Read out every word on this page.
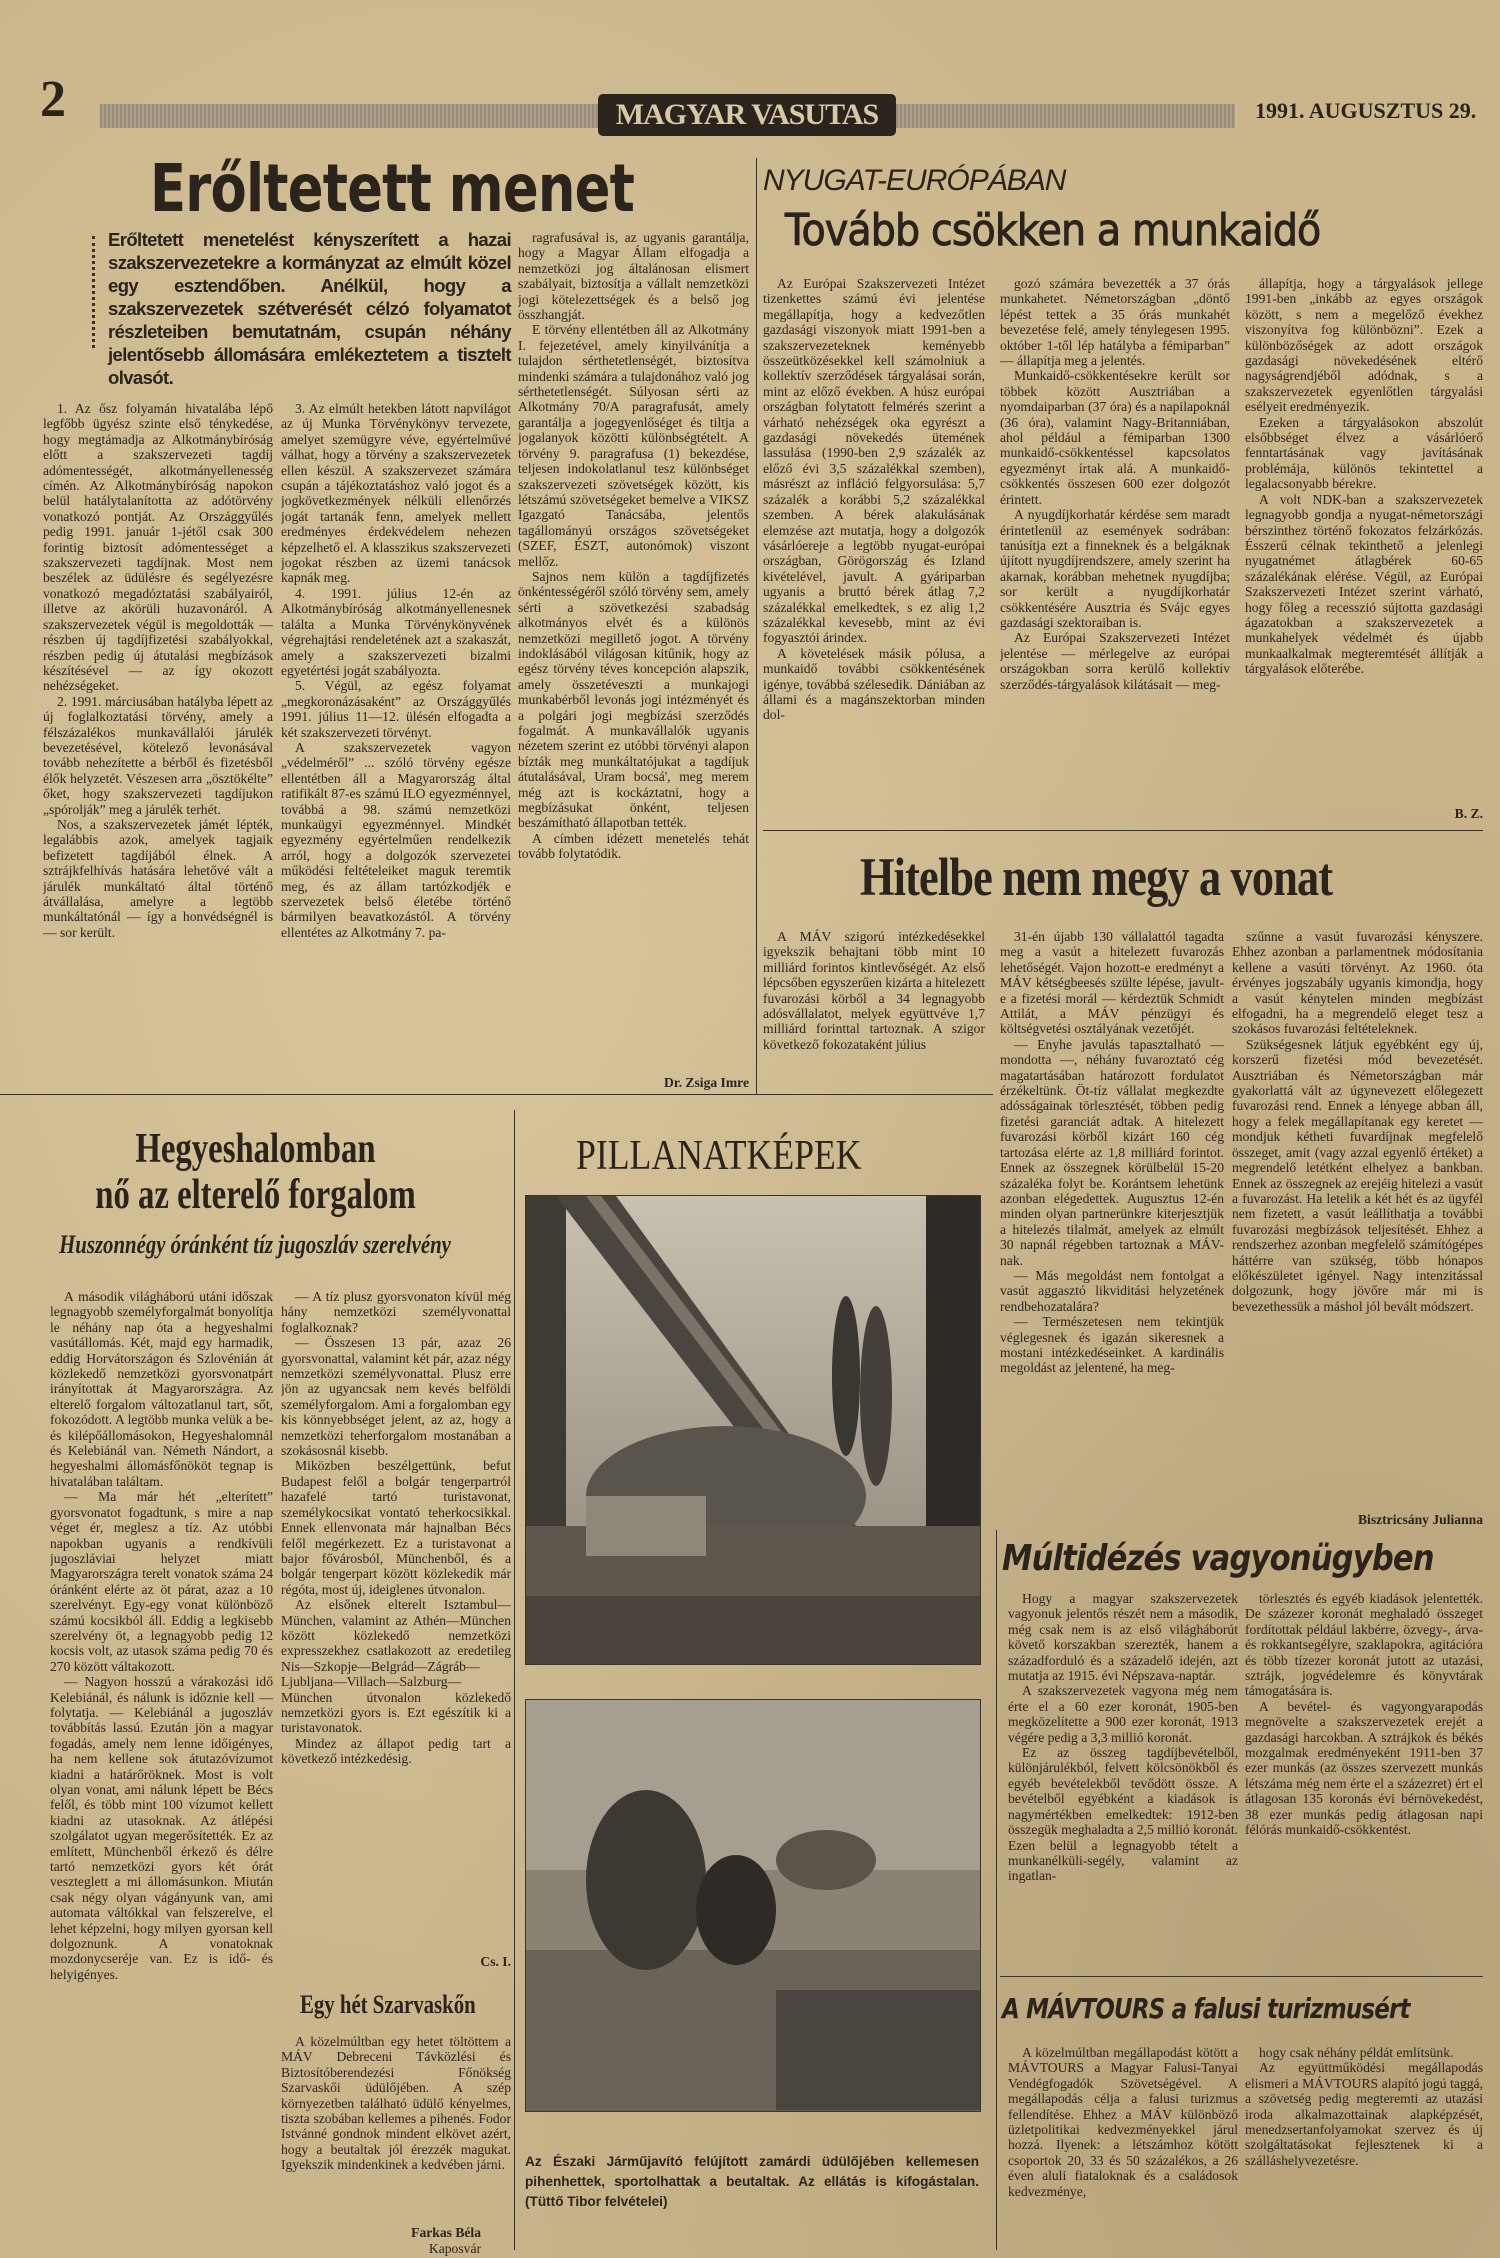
2	MAGYAR VASUTAS	1991. AUGUSZTUS 29.
Erőltetett menet
Erőltetett menetelést kényszerített a hazai szakszervezetekre a kormányzat az elmúlt közel egy esztendőben. Anélkül, hogy a szakszervezetek szétverését célzó folyamatot részleteiben bemutatnám, csupán néhány jelentősebb állomására emlékeztetem a tisztelt olvasót.

1. Az ősz folyamán hivatalába lépő legfőbb ügyész szinte első ténykedése, hogy megtámadja az Alkotmánybíróság előtt a szakszervezeti tagdíj adómentességét, alkotmányellenesség címén. Az Alkotmánybíróság napokon belül hatálytalanította az adótörvény vonatkozó pontját. Az Országgyűlés pedig 1991. január 1-jétől csak 300 forintig biztosít adómentességet a szakszervezeti tagdíjnak. Most nem beszélek az üdülésre és segélyezésre vonatkozó megadóztatási szabályairól, illetve az akörüli huzavonáról. A szakszervezetek végül is megoldották — részben új tagdíjfizetési szabályokkal, részben pedig új átutalási megbízások készítésével — az így okozott nehézségeket.

2. 1991. márciusában hatályba lépett az új foglalkoztatási törvény, amely a félszázalékos munkavállalói járulék bevezetésével, kötelező levonásával tovább nehezítette a bérből és fizetésből élők helyzetét. Vészesen arra „ösztökélte” őket, hogy szakszervezeti tagdíjukon „spórolják” meg a járulék terhét.

Nos, a szakszervezetek jámét lépték, legalábbis azok, amelyek tagjaik befizetett tagdíjából élnek. A sztrájkfelhívás hatására lehetővé vált a járulék munkáltató által történő átvállalása, amelyre a legtöbb munkáltatónál — így a honvédségnél is — sor került.

3. Az elmúlt hetekben látott napvilágot az új Munka Törvénykönyv tervezete, amelyet szemügyre véve, egyértelművé válhat, hogy a törvény a szakszervezetek ellen készül. A szakszervezet számára csupán a tájékoztatáshoz való jogot és a jogkövetkezmények nélküli ellenőrzés jogát tartanák fenn, amelyek mellett eredményes érdekvédelem nehezen képzelhető el. A klasszikus szakszervezeti jogokat részben az üzemi tanácsok kapnák meg.

4. 1991. július 12-én az Alkotmánybíróság alkotmányellenesnek találta a Munka Törvénykönyvének végrehajtási rendeletének azt a szakaszát, amely a szakszervezeti bizalmi egyetértési jogát szabályozta.

5. Végül, az egész folyamat „megkoronázásaként” az Országgyűlés 1991. július 11—12. ülésén elfogadta a két szakszervezeti törvényt.

A szakszervezetek vagyon „védelméről” ... szóló törvény egésze ellentétben áll a Magyarország által ratifikált 87-es számú ILO egyezménnyel, továbbá a 98. számú nemzetközi munkaügyi egyezménnyel. Mindkét egyezmény egyértelműen rendelkezik arról, hogy a dolgozók szervezetei működési feltételeiket maguk teremtik meg, és az állam tartózkodjék e szervezetek belső életébe történő bármilyen beavatkozástól. A törvény ellentétes az Alkotmány 7. pa-

ragrafusával is, az ugyanis garantálja, hogy a Magyar Állam elfogadja a nemzetközi jog általánosan elismert szabályait, biztosítja a vállalt nemzetközi jogi kötelezettségek és a belső jog összhangját.

E törvény ellentétben áll az Alkotmány I. fejezetével, amely kinyilvánítja a tulajdon sérthetetlenségét, biztosítva mindenki számára a tulajdonához való jog sérthetetlenségét. Súlyosan sérti az Alkotmány 70/A paragrafusát, amely garantálja a jogegyenlőséget és tiltja a jogalanyok közötti különbségtételt. A törvény 9. paragrafusa (1) bekezdése, teljesen indokolatlanul tesz különbséget szakszervezeti szövetségek között, kis létszámú szövetségeket bemelve a VIKSZ Igazgató Tanácsába, jelentős tagállományú országos szövetségeket (SZEF, ÉSZT, autonómok) viszont mellőz.

Sajnos nem külön a tagdíjfizetés önkéntességéről szóló törvény sem, amely sérti a szövetkezési szabadság alkotmányos elvét és a különös nemzetközi megillető jogot. A törvény indoklásából világosan kitűnik, hogy az egész törvény téves koncepción alapszik, amely összetéveszti a munkajogi munkabérből levonás jogi intézményét és a polgári jogi megbízási szerződés fogalmát. A munkavállalók ugyanis nézetem szerint ez utóbbi törvényi alapon bízták meg munkáltatójukat a tagdíjuk átutalásával, Uram bocsá', meg merem még azt is kockáztatni, hogy a megbízásukat önként, teljesen beszámítható állapotban tették.

A címben idézett menetelés tehát tovább folytatódik.

Dr. Zsiga Imre
NYUGAT-EURÓPÁBAN
Tovább csökken a munkaidő

Az Európai Szakszervezeti Intézet tizenkettes számú évi jelentése megállapítja, hogy a kedvezőtlen gazdasági viszonyok miatt 1991-ben a szakszervezeteknek keményebb összeütközésekkel kell számolniuk a kollektív szerződések tárgyalásai során, mint az előző években. A húsz európai országban folytatott felmérés szerint a várható nehézségek oka egyrészt a gazdasági növekedés ütemének lassulása (1990-ben 2,9 százalék az előző évi 3,5 százalékkal szemben), másrészt az infláció felgyorsulása: 5,7 százalék a korábbi 5,2 százalékkal szemben. A bérek alakulásának elemzése azt mutatja, hogy a dolgozók vásárlóereje a legtöbb nyugat-európai országban, Görögország és Izland kivételével, javult. A gyáriparban ugyanis a bruttó bérek átlag 7,2 százalékkal emelkedtek, s ez alig 1,2 százalékkal kevesebb, mint az évi fogyasztói árindex.

A követelések másik pólusa, a munkaidő további csökkentésének igénye, továbbá szélesedik. Dániában az állami és a magánszektorban minden dol-

gozó számára bevezették a 37 órás munkahetet. Németországban „döntő lépést tettek a 35 órás munkahét bevezetése felé, amely ténylegesen 1995. október 1-től lép hatályba a fémiparban” — állapítja meg a jelentés.

Munkaidő-csökkentésekre került sor többek között Ausztriában a nyomdaiparban (37 óra) és a napilapoknál (36 óra), valamint Nagy-Britanniában, ahol például a fémiparban 1300 munkaidő-csökkentéssel kapcsolatos egyezményt írtak alá. A munkaidő-csökkentés összesen 600 ezer dolgozót érintett.

A nyugdíjkorhatár kérdése sem maradt érintetlenül az események sodrában: tanúsítja ezt a finneknek és a belgáknak újított nyugdíjrendszere, amely szerint ha akarnak, korábban mehetnek nyugdíjba; sor került a nyugdíjkorhatár csökkentésére Ausztria és Svájc egyes gazdasági szektoraiban is.

Az Európai Szakszervezeti Intézet jelentése — mérlegelve az európai országokban sorra kerülő kollektív szerződés-tárgyalások kilátásait — meg-

állapítja, hogy a tárgyalások jellege 1991-ben „inkább az egyes országok között, s nem a megelőző évekhez viszonyítva fog különbözni”. Ezek a különbözőségek az adott országok gazdasági növekedésének eltérő nagyságrendjéből adódnak, s a szakszervezetek egyenlőtlen tárgyalási esélyeit eredményezik.

Ezeken a tárgyalásokon abszolút elsőbbséget élvez a vásárlóerő fenntartásának vagy javításának problémája, különös tekintettel a legalacsonyabb bérekre.

A volt NDK-ban a szakszervezetek legnagyobb gondja a nyugat-németországi bérszinthez történő fokozatos felzárkózás. Ésszerű célnak tekinthető a jelenlegi nyugatnémet átlagbérek 60-65 százalékának elérése. Végül, az Európai Szakszervezeti Intézet szerint várható, hogy főleg a recesszió sújtotta gazdasági ágazatokban a szakszervezetek a munkahelyek védelmét és újabb munkaalkalmak megteremtését állítják a tárgyalások előterébe.

B. Z.
Hitelbe nem megy a vonat

A MÁV szigorú intézkedésekkel igyekszik behajtani több mint 10 milliárd forintos kintlevőségét. Az első lépcsőben egyszerűen kizárta a hitelezett fuvarozási körből a 34 legnagyobb adósvállalatot, melyek együttvéve 1,7 milliárd forinttal tartoznak. A szigor következő fokozataként július

31-én újabb 130 vállalattól tagadta meg a vasút a hitelezett fuvarozás lehetőségét. Vajon hozott-e eredményt a MÁV kétségbeesés szülte lépése, javult-e a fizetési morál — kérdeztük Schmidt Attilát, a MÁV pénzügyi és költségvetési osztályának vezetőjét.

— Enyhe javulás tapasztalható — mondotta —, néhány fuvaroztató cég magatartásában határozott fordulatot érzékeltünk. Öt-tíz vállalat megkezdte adósságainak törlesztését, többen pedig fizetési garanciát adtak. A hitelezett fuvarozási körből kizárt 160 cég tartozása elérte az 1,8 milliárd forintot. Ennek az összegnek körülbelül 15-20 százaléka folyt be. Korántsem lehetünk azonban elégedettek. Augusztus 12-én minden olyan partnerünkre kiterjesztjük a hitelezés tilalmát, amelyek az elmúlt 30 napnál régebben tartoznak a MÁV-nak.

— Más megoldást nem fontolgat a vasút aggasztó likviditási helyzetének rendbehozatalára?

— Természetesen nem tekintjük véglegesnek és igazán sikeresnek a mostani intézkedéseinket. A kardinális megoldást az jelentené, ha meg-

szűnne a vasút fuvarozási kényszere. Ehhez azonban a parlamentnek módosítania kellene a vasúti törvényt. Az 1960. óta érvényes jogszabály ugyanis kimondja, hogy a vasút kénytelen minden megbízást elfogadni, ha a megrendelő eleget tesz a szokásos fuvarozási feltételeknek.

Szükségesnek látjuk egyébként egy új, korszerű fizetési mód bevezetését. Ausztriában és Németországban már gyakorlattá vált az úgynevezett előlegezett fuvarozási rend. Ennek a lényege abban áll, hogy a felek megállapítanak egy keretet — mondjuk kétheti fuvardíjnak megfelelő összeget, amit (vagy azzal egyenlő értéket) a megrendelő letétként elhelyez a bankban. Ennek az összegnek az erejéig hitelezi a vasút a fuvarozást. Ha letelik a két hét és az ügyfél nem fizetett, a vasút leállíthatja a további fuvarozási megbízások teljesítését. Ehhez a rendszerhez azonban megfelelő számítógépes háttérre van szükség, több hónapos előkészületet igényel. Nagy intenzitással dolgozunk, hogy jövőre már mi is bevezethessük a máshol jól bevált módszert.

Bisztricsány Julianna
Hegyeshalomban
nő az elterelő forgalom
Huszonnégy óránként tíz jugoszláv szerelvény

A második világháború utáni időszak legnagyobb személyforgalmát bonyolítja le néhány nap óta a hegyeshalmi vasútállomás. Két, majd egy harmadik, eddig Horvátországon és Szlovénián át közlekedő nemzetközi gyorsvonatpárt irányítottak át Magyarországra. Az elterelő forgalom változatlanul tart, sőt, fokozódott. A legtöbb munka velük a be- és kilépőállomásokon, Hegyeshalomnál és Kelebiánál van. Németh Nándort, a hegyeshalmi állomásfőnököt tegnap is hivatalában találtam.

— Ma már hét „elterített” gyorsvonatot fogadtunk, s mire a nap véget ér, meglesz a tíz. Az utóbbi napokban ugyanis a rendkívüli jugoszláviai helyzet miatt Magyarországra terelt vonatok száma 24 óránként elérte az öt párat, azaz a 10 szerelvényt. Egy-egy vonat különböző számú kocsikból áll. Eddig a legkisebb szerelvény öt, a legnagyobb pedig 12 kocsis volt, az utasok száma pedig 70 és 270 között váltakozott.

— Nagyon hosszú a várakozási idő Kelebiánál, és nálunk is időznie kell — folytatja. — Kelebiánál a jugoszláv továbbítás lassú. Ezután jön a magyar fogadás, amely nem lenne időigényes, ha nem kellene sok átutazóvízumot kiadni a határőröknek. Most is volt olyan vonat, ami nálunk lépett be Bécs felől, és több mint 100 vízumot kellett kiadni az utasoknak. Az átlépési szolgálatot ugyan megerősítették. Ez az említett, Münchenből érkező és délre tartó nemzetközi gyors két órát veszteglett a mi állomásunkon. Miután csak négy olyan vágányunk van, ami automata váltókkal van felszerelve, el lehet képzelni, hogy milyen gyorsan kell dolgoznunk. A vonatoknak mozdonycseréje van. Ez is idő- és helyigényes.

— A tíz plusz gyorsvonaton kívül még hány nemzetközi személyvonattal foglalkoznak?

— Összesen 13 pár, azaz 26 gyorsvonattal, valamint két pár, azaz négy nemzetközi személyvonattal. Plusz erre jön az ugyancsak nem kevés belföldi személyforgalom. Ami a forgalomban egy kis könnyebbséget jelent, az az, hogy a nemzetközi teherforgalom mostanában a szokásosnál kisebb.

Miközben beszélgettünk, befut Budapest felől a bolgár tengerpartról hazafelé tartó turistavonat, személykocsikat vontató teherkocsikkal. Ennek ellenvonata már hajnalban Bécs felől megérkezett. Ez a turistavonat a bajor fővárosból, Münchenből, és a bolgár tengerpart között közlekedik már régóta, most új, ideiglenes útvonalon.

Az elsőnek elterelt Isztambul—München, valamint az Athén—München között közlekedő nemzetközi expresszekhez csatlakozott az eredetileg Nis—Szkopje—Belgrád—Zágráb—Ljubljana—Villach—Salzburg—München útvonalon közlekedő nemzetközi gyors is. Ezt egészítik ki a turistavonatok.

Mindez az állapot pedig tart a következő intézkedésig.

Cs. I.
Egy hét Szarvaskőn

A közelmúltban egy hetet töltöttem a MÁV Debreceni Távközlési és Biztosítóberendezési Főnökség Szarvaskői üdülőjében. A szép környezetben található üdülő kényelmes, tiszta szobában kellemes a pihenés. Fodor Istvánné gondnok mindent elkövet azért, hogy a beutaltak jól érezzék magukat. Igyekszik mindenkinek a kedvében járni.

Farkas Béla
Kaposvár
PILLANATKÉPEK
Az Északi Járműjavító felújított zamárdi üdülőjében kellemesen pihenhettek, sportolhattak a beutaltak. Az ellátás is kifogástalan. (Tüttő Tibor felvételei)
Múltidézés vagyonügyben

Hogy a magyar szakszervezetek vagyonuk jelentős részét nem a második, még csak nem is az első világháborút követő korszakban szerezték, hanem a századforduló és a századelő idején, azt mutatja az 1915. évi Népszava-naptár.

A szakszervezetek vagyona még nem érte el a 60 ezer koronát, 1905-ben megközelítette a 900 ezer koronát, 1913 végére pedig a 3,3 millió koronát.

Ez az összeg tagdíjbevételből, különjárulékból, felvett kölcsönökből és egyéb bevételekből tevődött össze. A bevételből egyébként a kiadások is nagymértékben emelkedtek: 1912-ben összegük meghaladta a 2,5 millió koronát. Ezen belül a legnagyobb tételt a munkanélküli-segély, valamint az ingatlan-

törlesztés és egyéb kiadások jelentették. De százezer koronát meghaladó összeget fordítottak például lakbérre, özvegy-, árva- és rokkantsegélyre, szaklapokra, agitációra és több tízezer koronát jutott az utazási, sztrájk, jogvédelemre és könyvtárak támogatására is.

A bevétel- és vagyongyarapodás megnövelte a szakszervezetek erejét a gazdasági harcokban. A sztrájkok és békés mozgalmak eredményeként 1911-ben 37 ezer munkás (az összes szervezett munkás létszáma még nem érte el a százezret) ért el átlagosan 135 koronás évi bérnövekedést, 38 ezer munkás pedig átlagosan napi félórás munkaidő-csökkentést.

A MÁVTOURS a falusi turizmusért

A közelmúltban megállapodást kötött a MÁVTOURS a Magyar Falusi-Tanyai Vendégfogadók Szövetségével. A megállapodás célja a falusi turizmus fellendítése. Ehhez a MÁV különböző üzletpolitikai kedvezményekkel járul hozzá. Ilyenek: a létszámhoz kötött csoportok 20, 33 és 50 százalékos, a 26 éven aluli fiataloknak és a családosok kedvezménye,

hogy csak néhány példát említsünk.

Az együttműködési megállapodás elismeri a MÁVTOURS alapító jogú taggá, a szövetség pedig megteremti az utazási iroda alkalmazottainak alapképzését, menedzsertanfolyamokat szervez és új szolgáltatásokat fejlesztenek ki a szálláshelyvezetésre.
